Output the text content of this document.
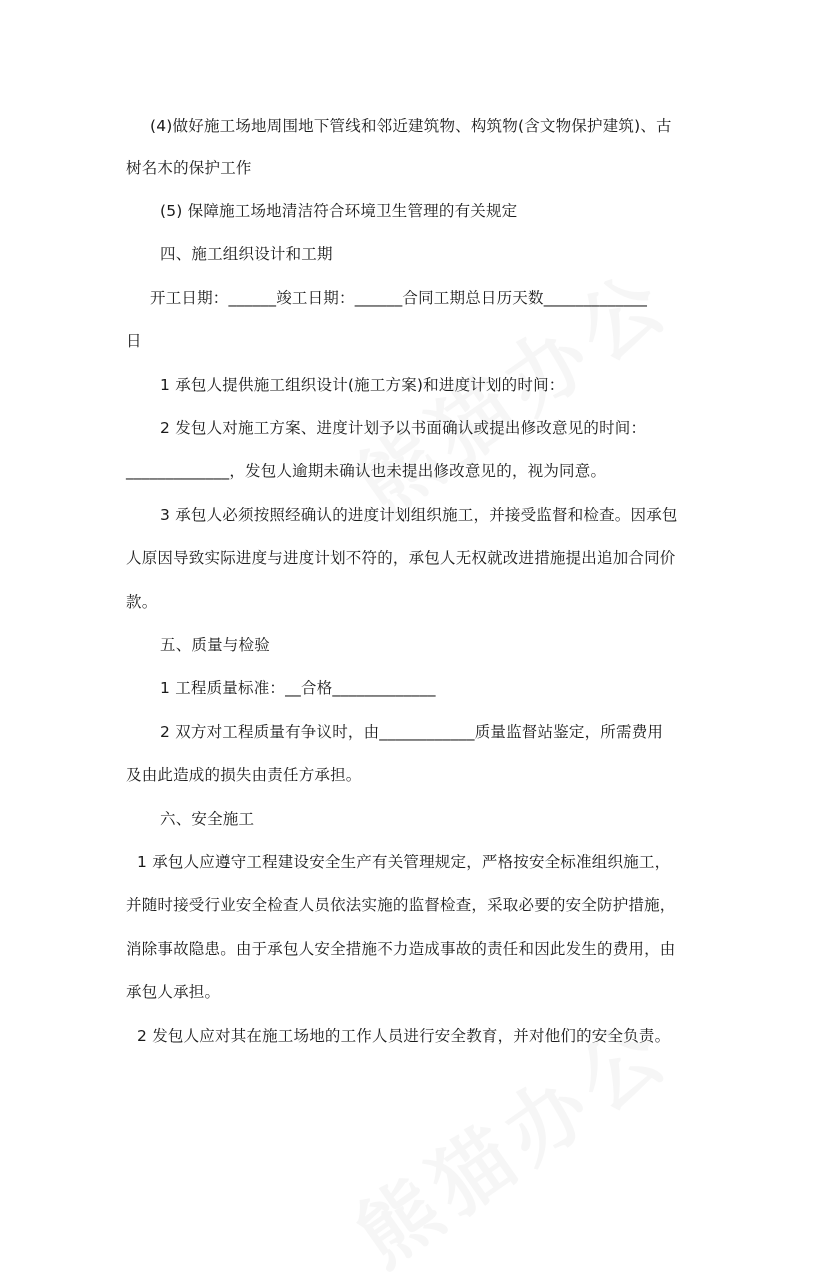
(4)做好施工场地周围地下管线和邻近建筑物、构筑物(含文物保护建筑)、古

树名木的保护工作

(5) 保障施工场地清洁符合环境卫生管理的有关规定

四、施工组织设计和工期

开工日期：______竣工日期：______合同工期总日历天数_____________

日

1 承包人提供施工组织设计(施工方案)和进度计划的时间：

2 发包人对施工方案、进度计划予以书面确认或提出修改意见的时间：

_____________，发包人逾期未确认也未提出修改意见的，视为同意。

3 承包人必须按照经确认的进度计划组织施工，并接受监督和检查。因承包

人原因导致实际进度与进度计划不符的，承包人无权就改进措施提出追加合同价

款。

五、质量与检验

1 工程质量标准：__合格_____________

2 双方对工程质量有争议时，由____________质量监督站鉴定，所需费用

及由此造成的损失由责任方承担。

六、安全施工

1 承包人应遵守工程建设安全生产有关管理规定，严格按安全标准组织施工，

并随时接受行业安全检查人员依法实施的监督检查，采取必要的安全防护措施，

消除事故隐患。由于承包人安全措施不力造成事故的责任和因此发生的费用，由

承包人承担。

2 发包人应对其在施工场地的工作人员进行安全教育，并对他们的安全负责。
